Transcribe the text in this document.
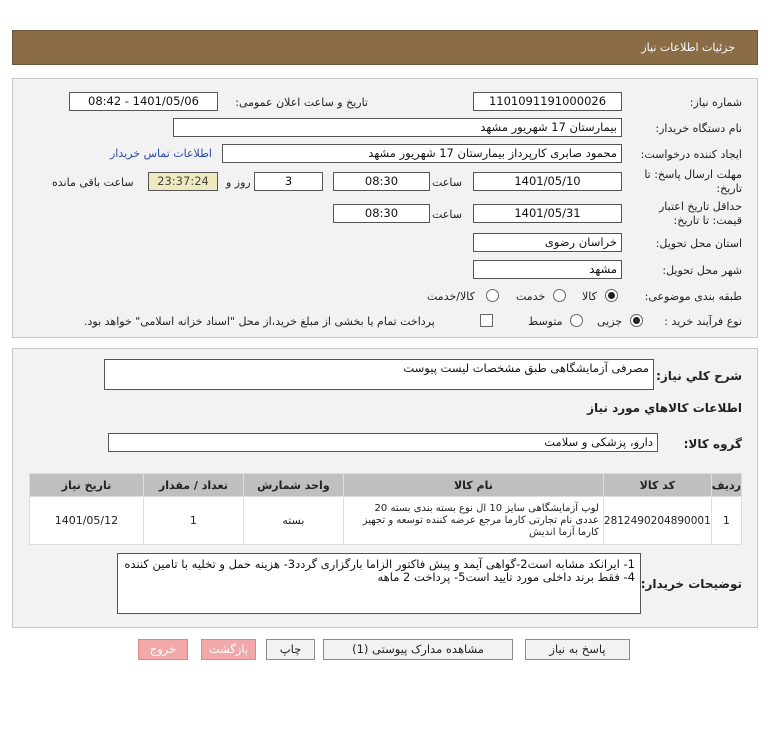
جزئیات اطلاعات نیاز
شماره نیاز:
1101091191000026
تاریخ و ساعت اعلان عمومی:
1401/05/06 - 08:42
نام دستگاه خریدار:
بیمارستان 17 شهریور مشهد
ایجاد کننده درخواست:
محمود صابری کارپرداز بیمارستان 17 شهریور مشهد
اطلاعات تماس خریدار
مهلت ارسال پاسخ: تا تاریخ:
1401/05/10
ساعت
08:30
3
روز و
23:37:24
ساعت باقی مانده
حداقل تاریخ اعتبار قیمت: تا تاریخ:
1401/05/31
ساعت
08:30
استان محل تحویل:
خراسان رضوی
شهر محل تحویل:
مشهد
طبقه بندی موضوعی:
کالا
خدمت
کالا/خدمت
نوع فرآیند خرید :
جزیی
متوسط
پرداخت تمام یا بخشی از مبلغ خرید،از محل "اسناد خزانه اسلامی" خواهد بود.
شرح کلي نياز:
مصرفی آزمایشگاهی طبق مشخصات لیست پیوست
اطلاعات کالاهاي مورد نياز
گروه کالا:
دارو، پزشکی و سلامت
ردیف	کد کالا	نام کالا	واحد شمارش	تعداد / مقدار	تاریخ نیاز
1	2812490204890001	لوپ آزمایشگاهی سایز 10 ال نوع بسته بندی بسته 20 عددی نام تجارتی کارما مرجع عرضه کننده توسعه و تجهیز کارما آزما اندیش	بسته	1	1401/05/12
توضیحات خریدار:
1- ایرانکد مشابه است2-گواهی آیمد و پیش فاکتور الزاما بارگزاری گردد3- هزینه حمل و تخلیه با تامین کننده
4- فقط برند داخلی مورد تایید است5- پرداخت 2 ماهه
پاسخ به نیاز
مشاهده مدارک پیوستی (1)
چاپ
بازگشت
خروج
